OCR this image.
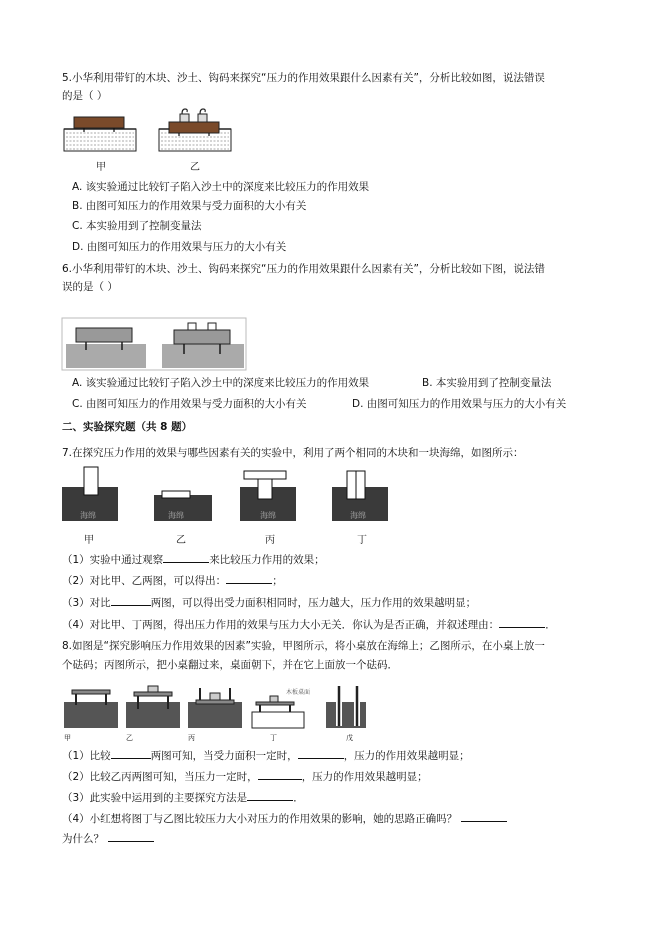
5.小华利用带钉的木块、沙土、钩码来探究“压力的作用效果跟什么因素有关”，分析比较如图，说法错误
的是（ ）
甲	乙
A. 该实验通过比较钉子陷入沙土中的深度来比较压力的作用效果
B. 由图可知压力的作用效果与受力面积的大小有关
C. 本实验用到了控制变量法
D. 由图可知压力的作用效果与压力的大小有关
6.小华利用带钉的木块、沙土、钩码来探究“压力的作用效果跟什么因素有关”，分析比较如下图，说法错
误的是（ ）
A. 该实验通过比较钉子陷入沙土中的深度来比较压力的作用效果	B. 本实验用到了控制变量法
C. 由图可知压力的作用效果与受力面积的大小有关	D. 由图可知压力的作用效果与压力的大小有关
二、实验探究题（共 8 题）
7.在探究压力作用的效果与哪些因素有关的实验中，利用了两个相同的木块和一块海绵，如图所示：
海绵	海绵	海绵	海绵
甲	乙	丙	丁
（1）实验中通过观察	来比较压力作用的效果；
（2）对比甲、乙两图，可以得出：	；
（3）对比	两图，可以得出受力面积相同时，压力越大，压力作用的效果越明显；
（4）对比甲、丁两图，得出压力作用的效果与压力大小无关．你认为是否正确，并叙述理由：	．
8.如图是“探究影响压力作用效果的因素”实验，甲图所示，将小桌放在海绵上；乙图所示，在小桌上放一
个砝码；丙图所示，把小桌翻过来，桌面朝下，并在它上面放一个砝码．
木板桌面
甲	乙	丙	丁	戊
（1）比较	两图可知，当受力面积一定时，	，压力的作用效果越明显；
（2）比较乙丙两图可知，当压力一定时，	，压力的作用效果越明显；
（3）此实验中运用到的主要探究方法是	．
（4）小红想将图丁与乙图比较压力大小对压力的作用效果的影响，她的思路正确吗？
为什么？
